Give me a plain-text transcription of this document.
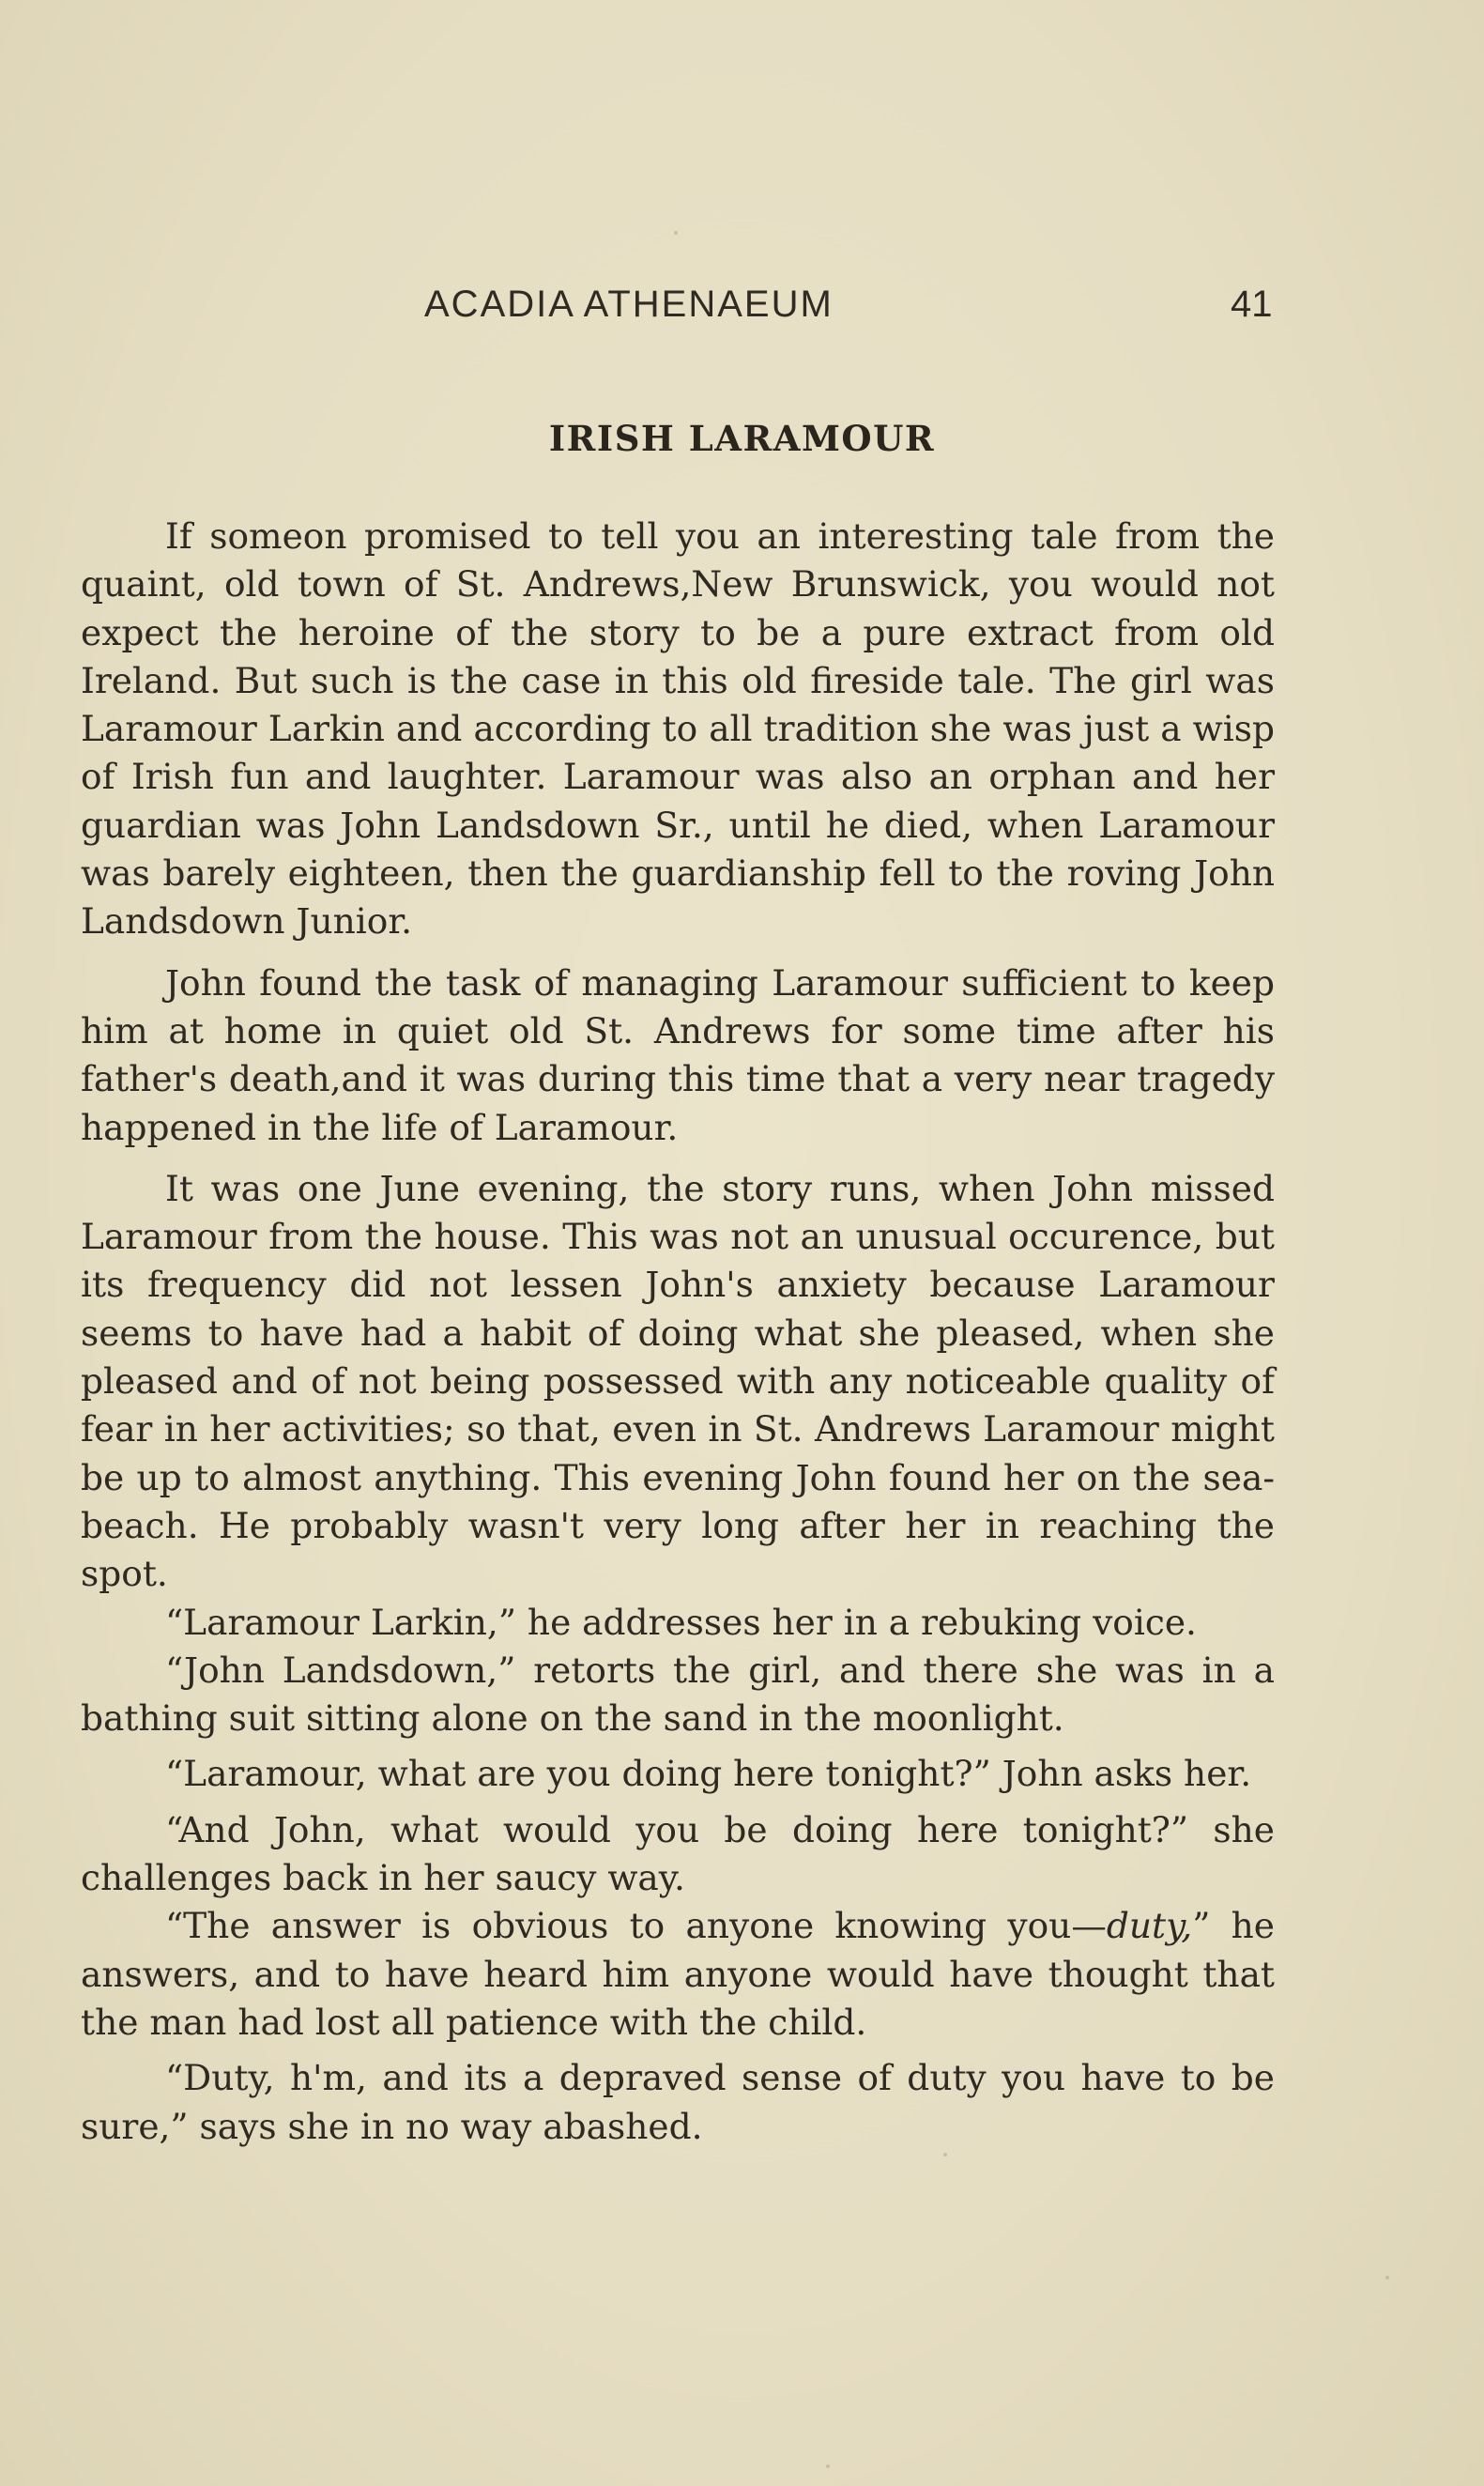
ACADIA ATHENAEUM	41
IRISH LARAMOUR

If someon promised to tell you an interesting tale from the quaint, old town of St. Andrews,New Brunswick, you would not expect the heroine of the story to be a pure extract from old Ireland. But such is the case in this old fireside tale. The girl was Laramour Larkin and according to all tradition she was just a wisp of Irish fun and laughter. Laramour was also an orphan and her guardian was John Landsdown Sr., until he died, when Laramour was barely eighteen, then the guardianship fell to the roving John Landsdown Junior.

John found the task of managing Laramour sufficient to keep him at home in quiet old St. Andrews for some time after his father's death,and it was during this time that a very near tragedy happened in the life of Laramour.

It was one June evening, the story runs, when John missed Laramour from the house. This was not an unusual occurence, but its frequency did not lessen John's anxiety because Laramour seems to have had a habit of doing what she pleased, when she pleased and of not being possessed with any noticeable quality of fear in her activities; so that, even in St. Andrews Laramour might be up to almost anything. This evening John found her on the sea-beach. He probably wasn't very long after her in reaching the spot.

“Laramour Larkin,” he addresses her in a rebuking voice.

“John Landsdown,” retorts the girl, and there she was in a bathing suit sitting alone on the sand in the moonlight.

“Laramour, what are you doing here tonight?” John asks her.

“And John, what would you be doing here tonight?” she challenges back in her saucy way.

“The answer is obvious to anyone knowing you—duty,” he answers, and to have heard him anyone would have thought that the man had lost all patience with the child.

“Duty, h'm, and its a depraved sense of duty you have to be sure,” says she in no way abashed.
